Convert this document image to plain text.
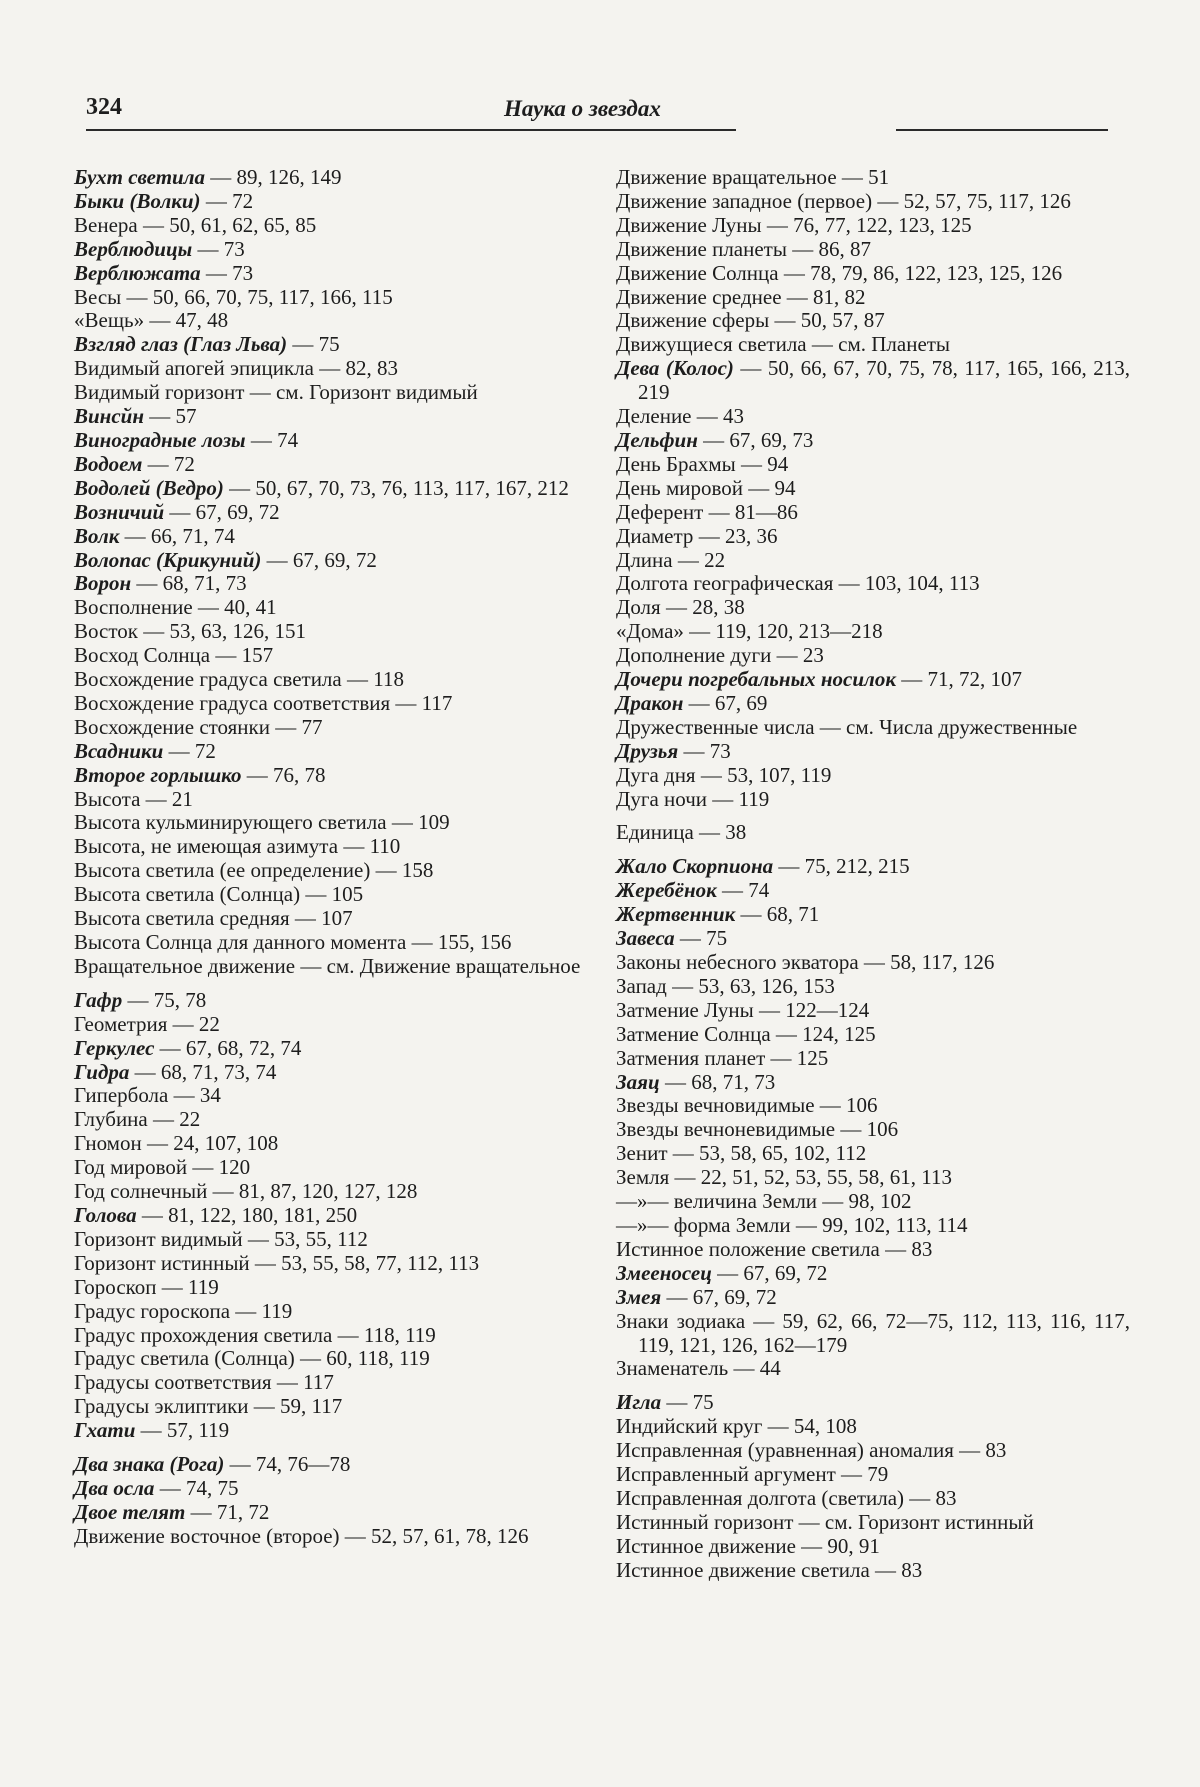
324	Наука о звездах
Бухт светила — 89, 126, 149
Быки (Волки) — 72
Венера — 50, 61, 62, 65, 85
Верблюдицы — 73
Верблюжата — 73
Весы — 50, 66, 70, 75, 117, 166, 115
«Вещь» — 47, 48
Взгляд глаз (Глаз Льва) — 75
Видимый апогей эпицикла — 82, 83
Видимый горизонт — см. Горизонт видимый
Винсйн — 57
Виноградные лозы — 74
Водоем — 72
Водолей (Ведро) — 50, 67, 70, 73, 76, 113, 117, 167, 212
Возничий — 67, 69, 72
Волк — 66, 71, 74
Волопас (Крикуний) — 67, 69, 72
Ворон — 68, 71, 73
Восполнение — 40, 41
Восток — 53, 63, 126, 151
Восход Солнца — 157
Восхождение градуса светила — 118
Восхождение градуса соответствия — 117
Восхождение стоянки — 77
Всадники — 72
Второе горлышко — 76, 78
Высота — 21
Высота кульминирующего светила — 109
Высота, не имеющая азимута — 110
Высота светила (ее определение) — 158
Высота светила (Солнца) — 105
Высота светила средняя — 107
Высота Солнца для данного момента — 155, 156
Вращательное движение — см. Движение вращательное
Гафр — 75, 78
Геометрия — 22
Геркулес — 67, 68, 72, 74
Гидра — 68, 71, 73, 74
Гипербола — 34
Глубина — 22
Гномон — 24, 107, 108
Год мировой — 120
Год солнечный — 81, 87, 120, 127, 128
Голова — 81, 122, 180, 181, 250
Горизонт видимый — 53, 55, 112
Горизонт истинный — 53, 55, 58, 77, 112, 113
Гороскоп — 119
Градус гороскопа — 119
Градус прохождения светила — 118, 119
Градус светила (Солнца) — 60, 118, 119
Градусы соответствия — 117
Градусы эклиптики — 59, 117
Гхати — 57, 119
Два знака (Рога) — 74, 76—78
Два осла — 74, 75
Двое телят — 71, 72
Движение восточное (второе) — 52, 57, 61, 78, 126
Движение вращательное — 51
Движение западное (первое) — 52, 57, 75, 117, 126
Движение Луны — 76, 77, 122, 123, 125
Движение планеты — 86, 87
Движение Солнца — 78, 79, 86, 122, 123, 125, 126
Движение среднее — 81, 82
Движение сферы — 50, 57, 87
Движущиеся светила — см. Планеты
Дева (Колос) — 50, 66, 67, 70, 75, 78, 117, 165, 166, 213, 219
Деление — 43
Дельфин — 67, 69, 73
День Брахмы — 94
День мировой — 94
Деферент — 81—86
Диаметр — 23, 36
Длина — 22
Долгота географическая — 103, 104, 113
Доля — 28, 38
«Дома» — 119, 120, 213—218
Дополнение дуги — 23
Дочери погребальных носилок — 71, 72, 107
Дракон — 67, 69
Дружественные числа — см. Числа дружественные
Друзья — 73
Дуга дня — 53, 107, 119
Дуга ночи — 119
Единица — 38
Жало Скорпиона — 75, 212, 215
Жеребёнок — 74
Жертвенник — 68, 71
Завеса — 75
Законы небесного экватора — 58, 117, 126
Запад — 53, 63, 126, 153
Затмение Луны — 122—124
Затмение Солнца — 124, 125
Затмения планет — 125
Заяц — 68, 71, 73
Звезды вечновидимые — 106
Звезды вечноневидимые — 106
Зенит — 53, 58, 65, 102, 112
Земля — 22, 51, 52, 53, 55, 58, 61, 113
—»— величина Земли — 98, 102
—»— форма Земли — 99, 102, 113, 114
Истинное положение светила — 83
Змееносец — 67, 69, 72
Змея — 67, 69, 72
Знаки зодиака — 59, 62, 66, 72—75, 112, 113, 116, 117, 119, 121, 126, 162—179
Знаменатель — 44
Игла — 75
Индийский круг — 54, 108
Исправленная (уравненная) аномалия — 83
Исправленный аргумент — 79
Исправленная долгота (светила) — 83
Истинный горизонт — см. Горизонт истинный
Истинное движение — 90, 91
Истинное движение светила — 83
